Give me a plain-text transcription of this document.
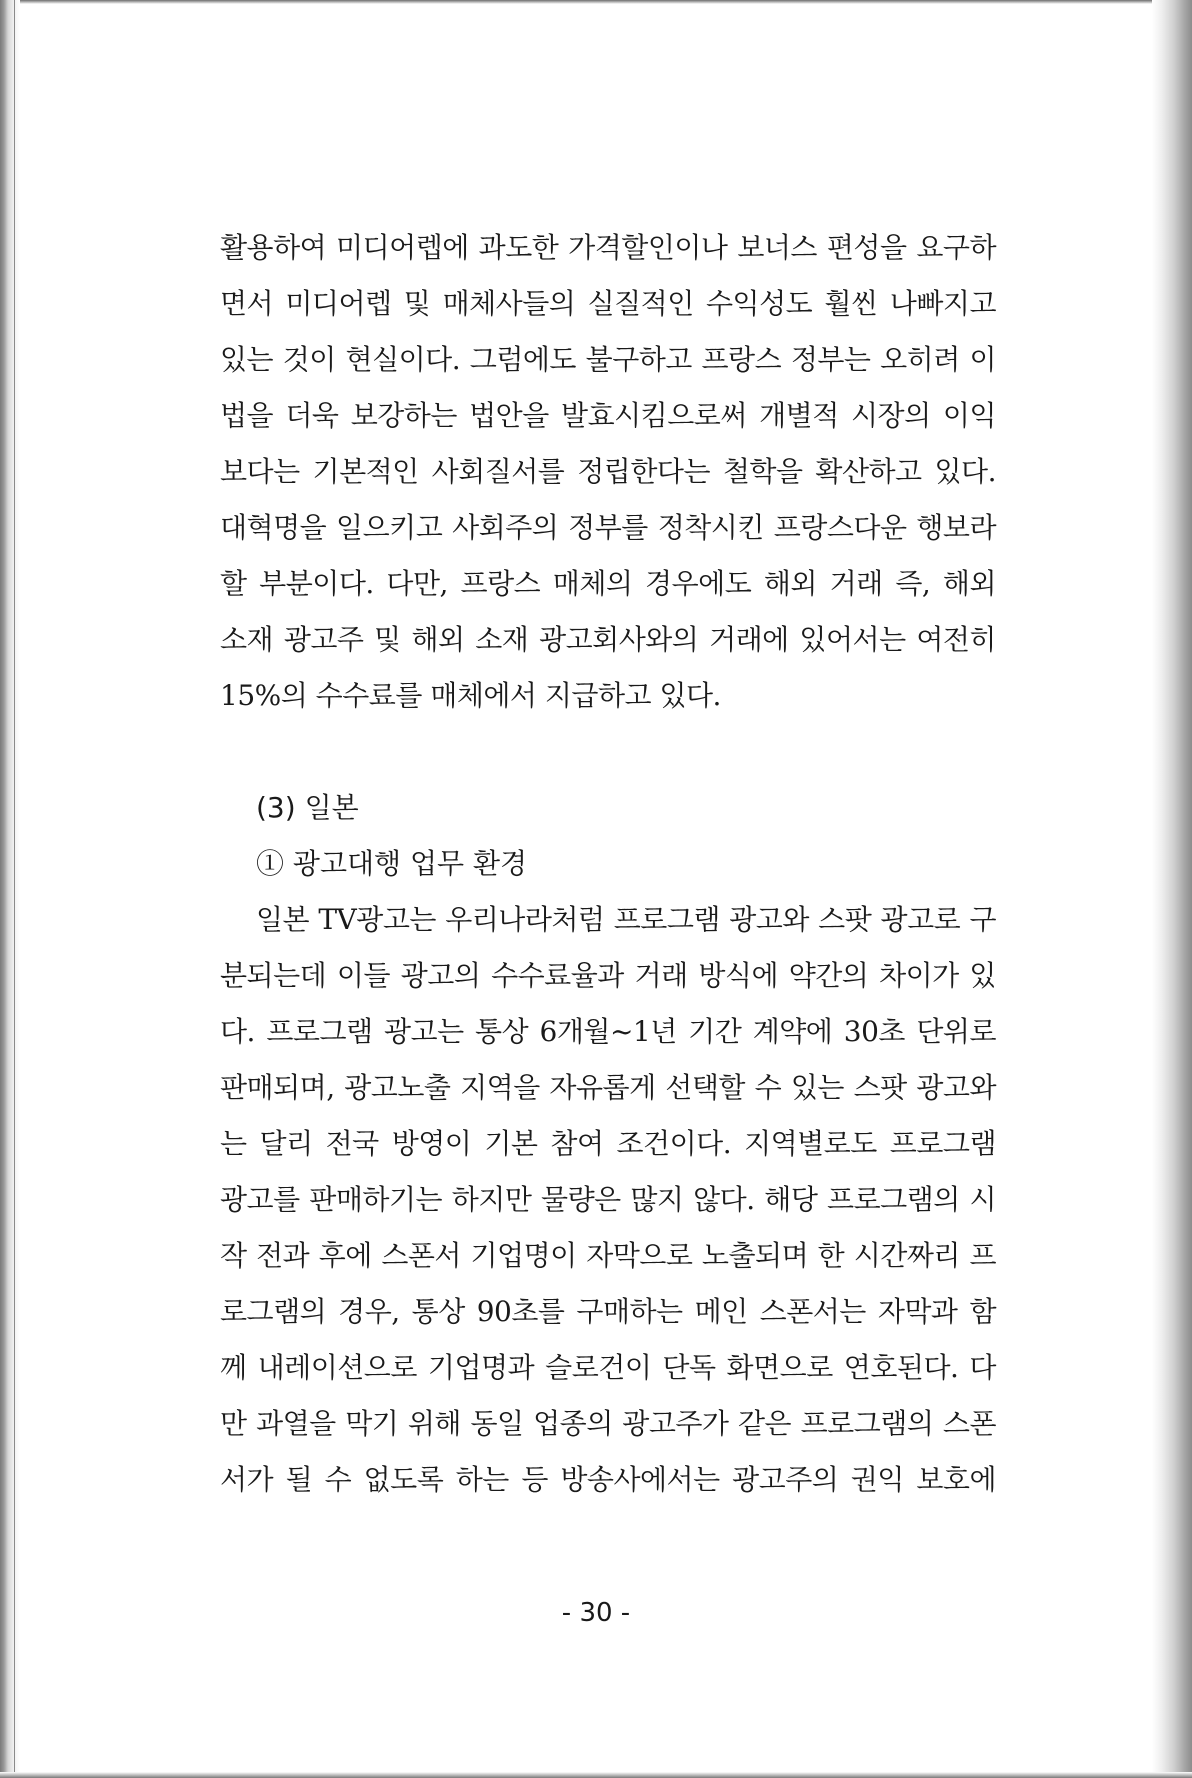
활용하여 미디어렙에 과도한 가격할인이나 보너스 편성을 요구하
면서 미디어렙 및 매체사들의 실질적인 수익성도 훨씬 나빠지고
있는 것이 현실이다. 그럼에도 불구하고 프랑스 정부는 오히려 이
법을 더욱 보강하는 법안을 발효시킴으로써 개별적 시장의 이익
보다는 기본적인 사회질서를 정립한다는 철학을 확산하고 있다.
대혁명을 일으키고 사회주의 정부를 정착시킨 프랑스다운 행보라
할 부분이다. 다만, 프랑스 매체의 경우에도 해외 거래 즉, 해외
소재 광고주 및 해외 소재 광고회사와의 거래에 있어서는 여전히
15%의 수수료를 매체에서 지급하고 있다.
(3) 일본
① 광고대행 업무 환경
일본 TV광고는 우리나라처럼 프로그램 광고와 스팟 광고로 구
분되는데 이들 광고의 수수료율과 거래 방식에 약간의 차이가 있
다. 프로그램 광고는 통상 6개월~1년 기간 계약에 30초 단위로
판매되며, 광고노출 지역을 자유롭게 선택할 수 있는 스팟 광고와
는 달리 전국 방영이 기본 참여 조건이다. 지역별로도 프로그램
광고를 판매하기는 하지만 물량은 많지 않다. 해당 프로그램의 시
작 전과 후에 스폰서 기업명이 자막으로 노출되며 한 시간짜리 프
로그램의 경우, 통상 90초를 구매하는 메인 스폰서는 자막과 함
께 내레이션으로 기업명과 슬로건이 단독 화면으로 연호된다. 다
만 과열을 막기 위해 동일 업종의 광고주가 같은 프로그램의 스폰
서가 될 수 없도록 하는 등 방송사에서는 광고주의 권익 보호에
- 30 -
